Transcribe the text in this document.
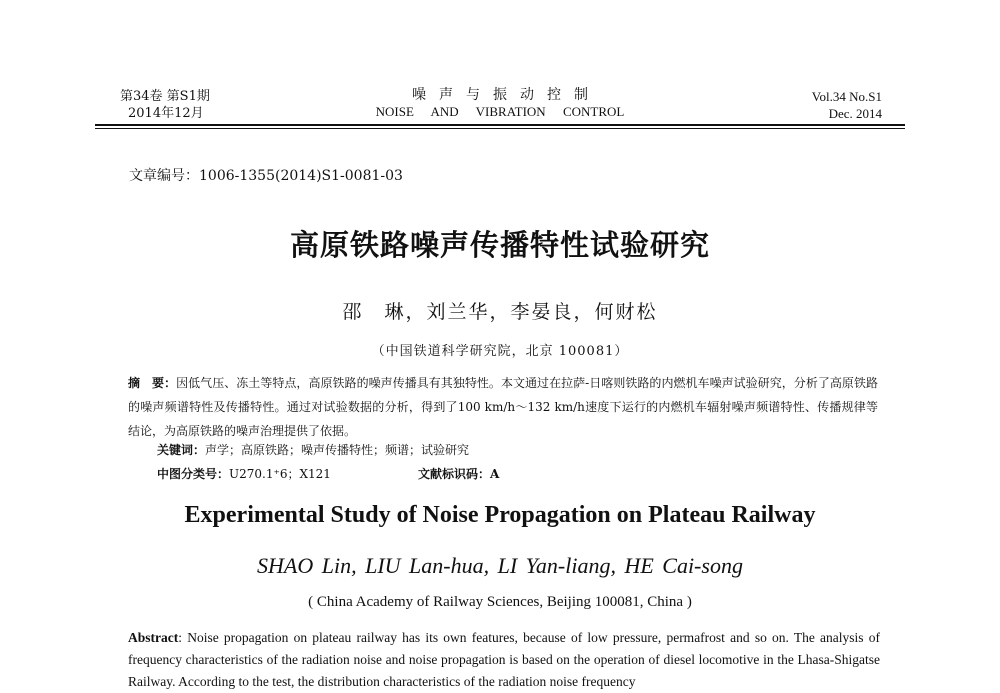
第34卷 第S1期
2014年12月
噪声与振动控制
NOISE AND VIBRATION CONTROL
Vol.34 No.S1
Dec. 2014
文章编号：1006-1355(2014)S1-0081-03
高原铁路噪声传播特性试验研究
邵　琳，刘兰华，李晏良，何财松
（中国铁道科学研究院，北京 100081）
摘　要：因低气压、冻土等特点，高原铁路的噪声传播具有其独特性。本文通过在拉萨-日喀则铁路的内燃机车噪声试验研究，分析了高原铁路的噪声频谱特性及传播特性。通过对试验数据的分析，得到了100 km/h～132 km/h速度下运行的内燃机车辐射噪声频谱特性、传播规律等结论，为高原铁路的噪声治理提供了依据。
关键词：声学；高原铁路；噪声传播特性；频谱；试验研究
中图分类号：U270.1⁺6；X121	文献标识码：A
Experimental Study of Noise Propagation on Plateau Railway
SHAO Lin, LIU Lan-hua, LI Yan-liang, HE Cai-song
( China Academy of Railway Sciences, Beijing 100081, China )
Abstract: Noise propagation on plateau railway has its own features, because of low pressure, permafrost and so on. The analysis of frequency characteristics of the radiation noise and noise propagation is based on the operation of diesel locomotive in the Lhasa-Shigatse Railway. According to the test, the distribution characteristics of the radiation noise frequency
